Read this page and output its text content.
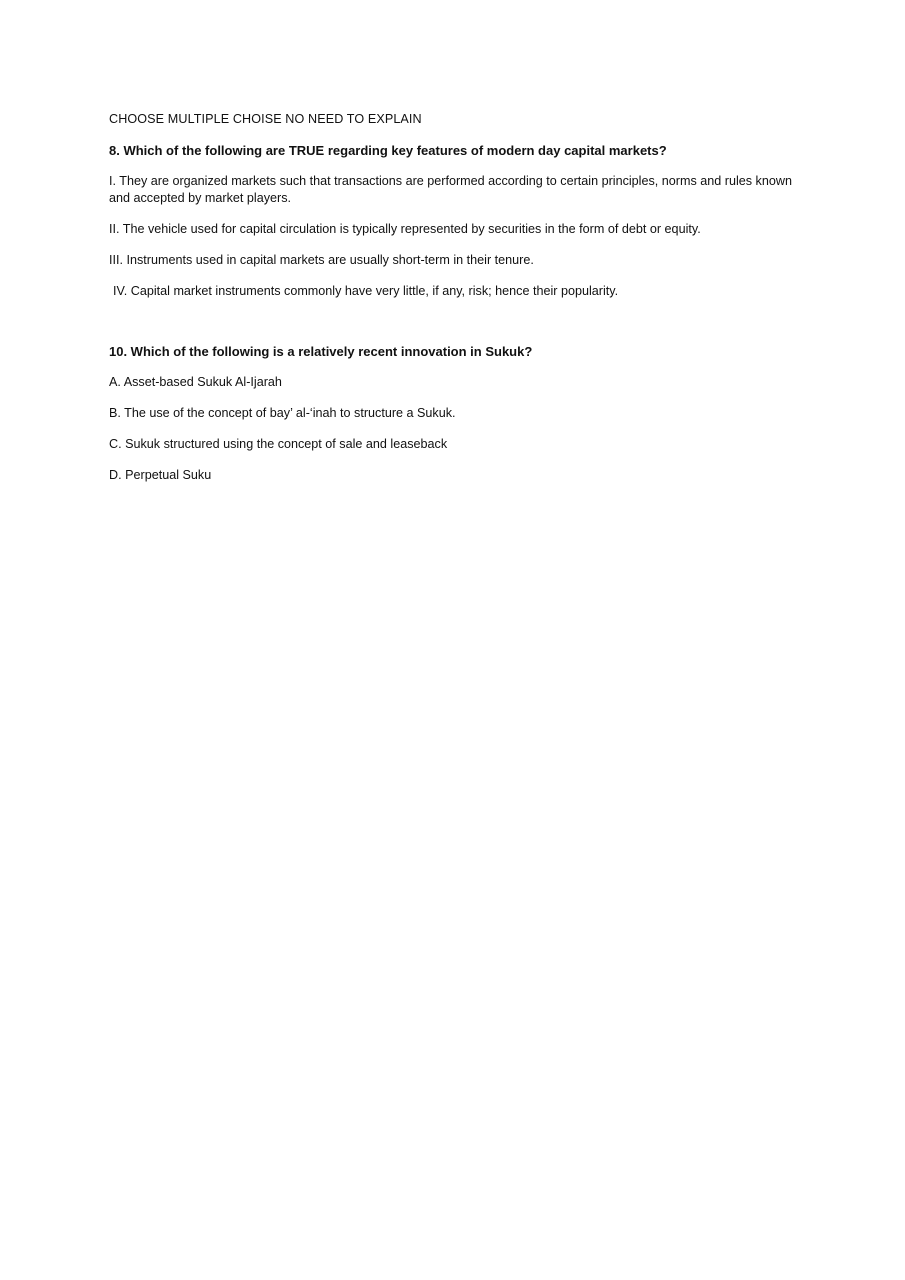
CHOOSE MULTIPLE CHOISE NO NEED TO EXPLAIN

8. Which of the following are TRUE regarding key features of modern day capital markets?

I. They are organized markets such that transactions are performed according to certain principles, norms and rules known and accepted by market players.

II. The vehicle used for capital circulation is typically represented by securities in the form of debt or equity.

III. Instruments used in capital markets are usually short-term in their tenure.

IV. Capital market instruments commonly have very little, if any, risk; hence their popularity.

10. Which of the following is a relatively recent innovation in Sukuk?

A. Asset-based Sukuk Al-Ijarah

B. The use of the concept of bay’ al-‘inah to structure a Sukuk.

C. Sukuk structured using the concept of sale and leaseback

D. Perpetual Suku
